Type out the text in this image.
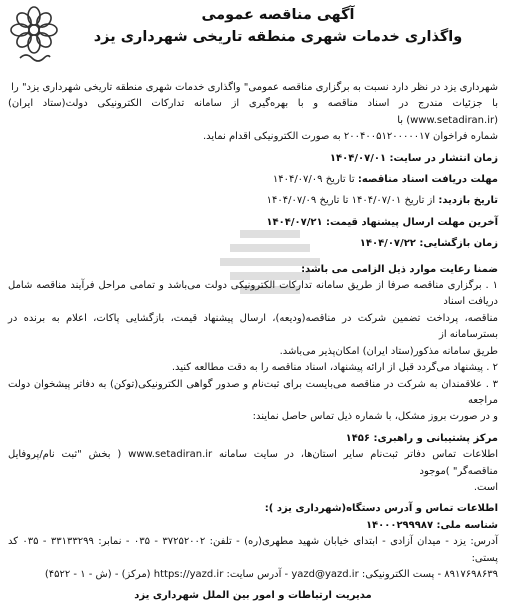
آگهی مناقصه عمومی

واگذاری خدمات شهری منطقه تاریخی شهرداری یزد

شهرداری یزد در نظر دارد نسبت به برگزاری مناقصه عمومی" واگذاری خدمات شهری منطقه تاریخی شهرداری یزد" را

با جزئیات مندرج در اسناد مناقصه و با بهره‌گیری از سامانه تدارکات الکترونیکی دولت(ستاد ایران) (www.setadiran.ir) با

شماره فراخوان ۲۰۰۴۰۰۵۱۲۰۰۰۰۰۱۷ به صورت الکترونیکی اقدام نماید.

زمان انتشار در سایت: ۱۴۰۴/۰۷/۰۱

مهلت دریافت اسناد مناقصه: تا تاریخ ۱۴۰۴/۰۷/۰۹

تاریخ بازدید: از تاریخ ۱۴۰۴/۰۷/۰۱ تا تاریخ ۱۴۰۴/۰۷/۰۹

آخرین مهلت ارسال پیشنهاد قیمت: ۱۴۰۴/۰۷/۲۱

زمان بازگشایی: ۱۴۰۴/۰۷/۲۲

ضمنا رعایت موارد ذیل الزامی می باشد:

۱ . برگزاری مناقصه صرفا از طریق سامانه تدارکات الکترونیکی دولت می‌باشد و تمامی مراحل فرآیند مناقصه شامل دریافت اسناد

مناقصه، پرداخت تضمین شرکت در مناقصه(ودیعه)، ارسال پیشنهاد قیمت، بازگشایی پاکات، اعلام به برنده در بسترسامانه از

طریق سامانه مذکور(ستاد ایران) امکان‌پذیر می‌باشد.

۲ . پیشنهاد می‌گردد قبل از ارائه پیشنهاد، اسناد مناقصه را به دقت مطالعه کنید.

۳ . علاقمندان به شرکت در مناقصه می‌بایست برای ثبت‌نام و صدور گواهی الکترونیکی(توکن) به دفاتر پیشخوان دولت مراجعه

و در صورت بروز مشکل، با شماره ذیل تماس حاصل نمایند:

مرکز پشتیبانی و راهبری: ۱۴۵۶

اطلاعات تماس دفاتر ثبت‌نام سایر استان‌ها، در سایت سامانه www.setadiran.ir ( بخش "ثبت نام/پروفایل مناقصه‌گر" )موجود

است.

اطلاعات تماس و آدرس دستگاه(شهرداری یزد ):

شناسه ملی: ۱۴۰۰۰۲۹۹۹۸۷

آدرس: یزد - میدان آزادی - ابتدای خیابان شهید مطهری(ره) - تلفن: ۳۷۲۵۲۰۰۲ - ۰۳۵ - نمابر: ۳۳۱۳۳۲۹۹ - ۰۳۵ کد پستی:

۸۹۱۷۶۹۸۶۳۹ - پست الکترونیکی: yazd@yazd.ir - آدرس سایت: https://yazd.ir (مرکز) - (ش - ۱ - ۴۵۲۲)

مدیریت ارتباطات و امور بین الملل شهرداری یزد
